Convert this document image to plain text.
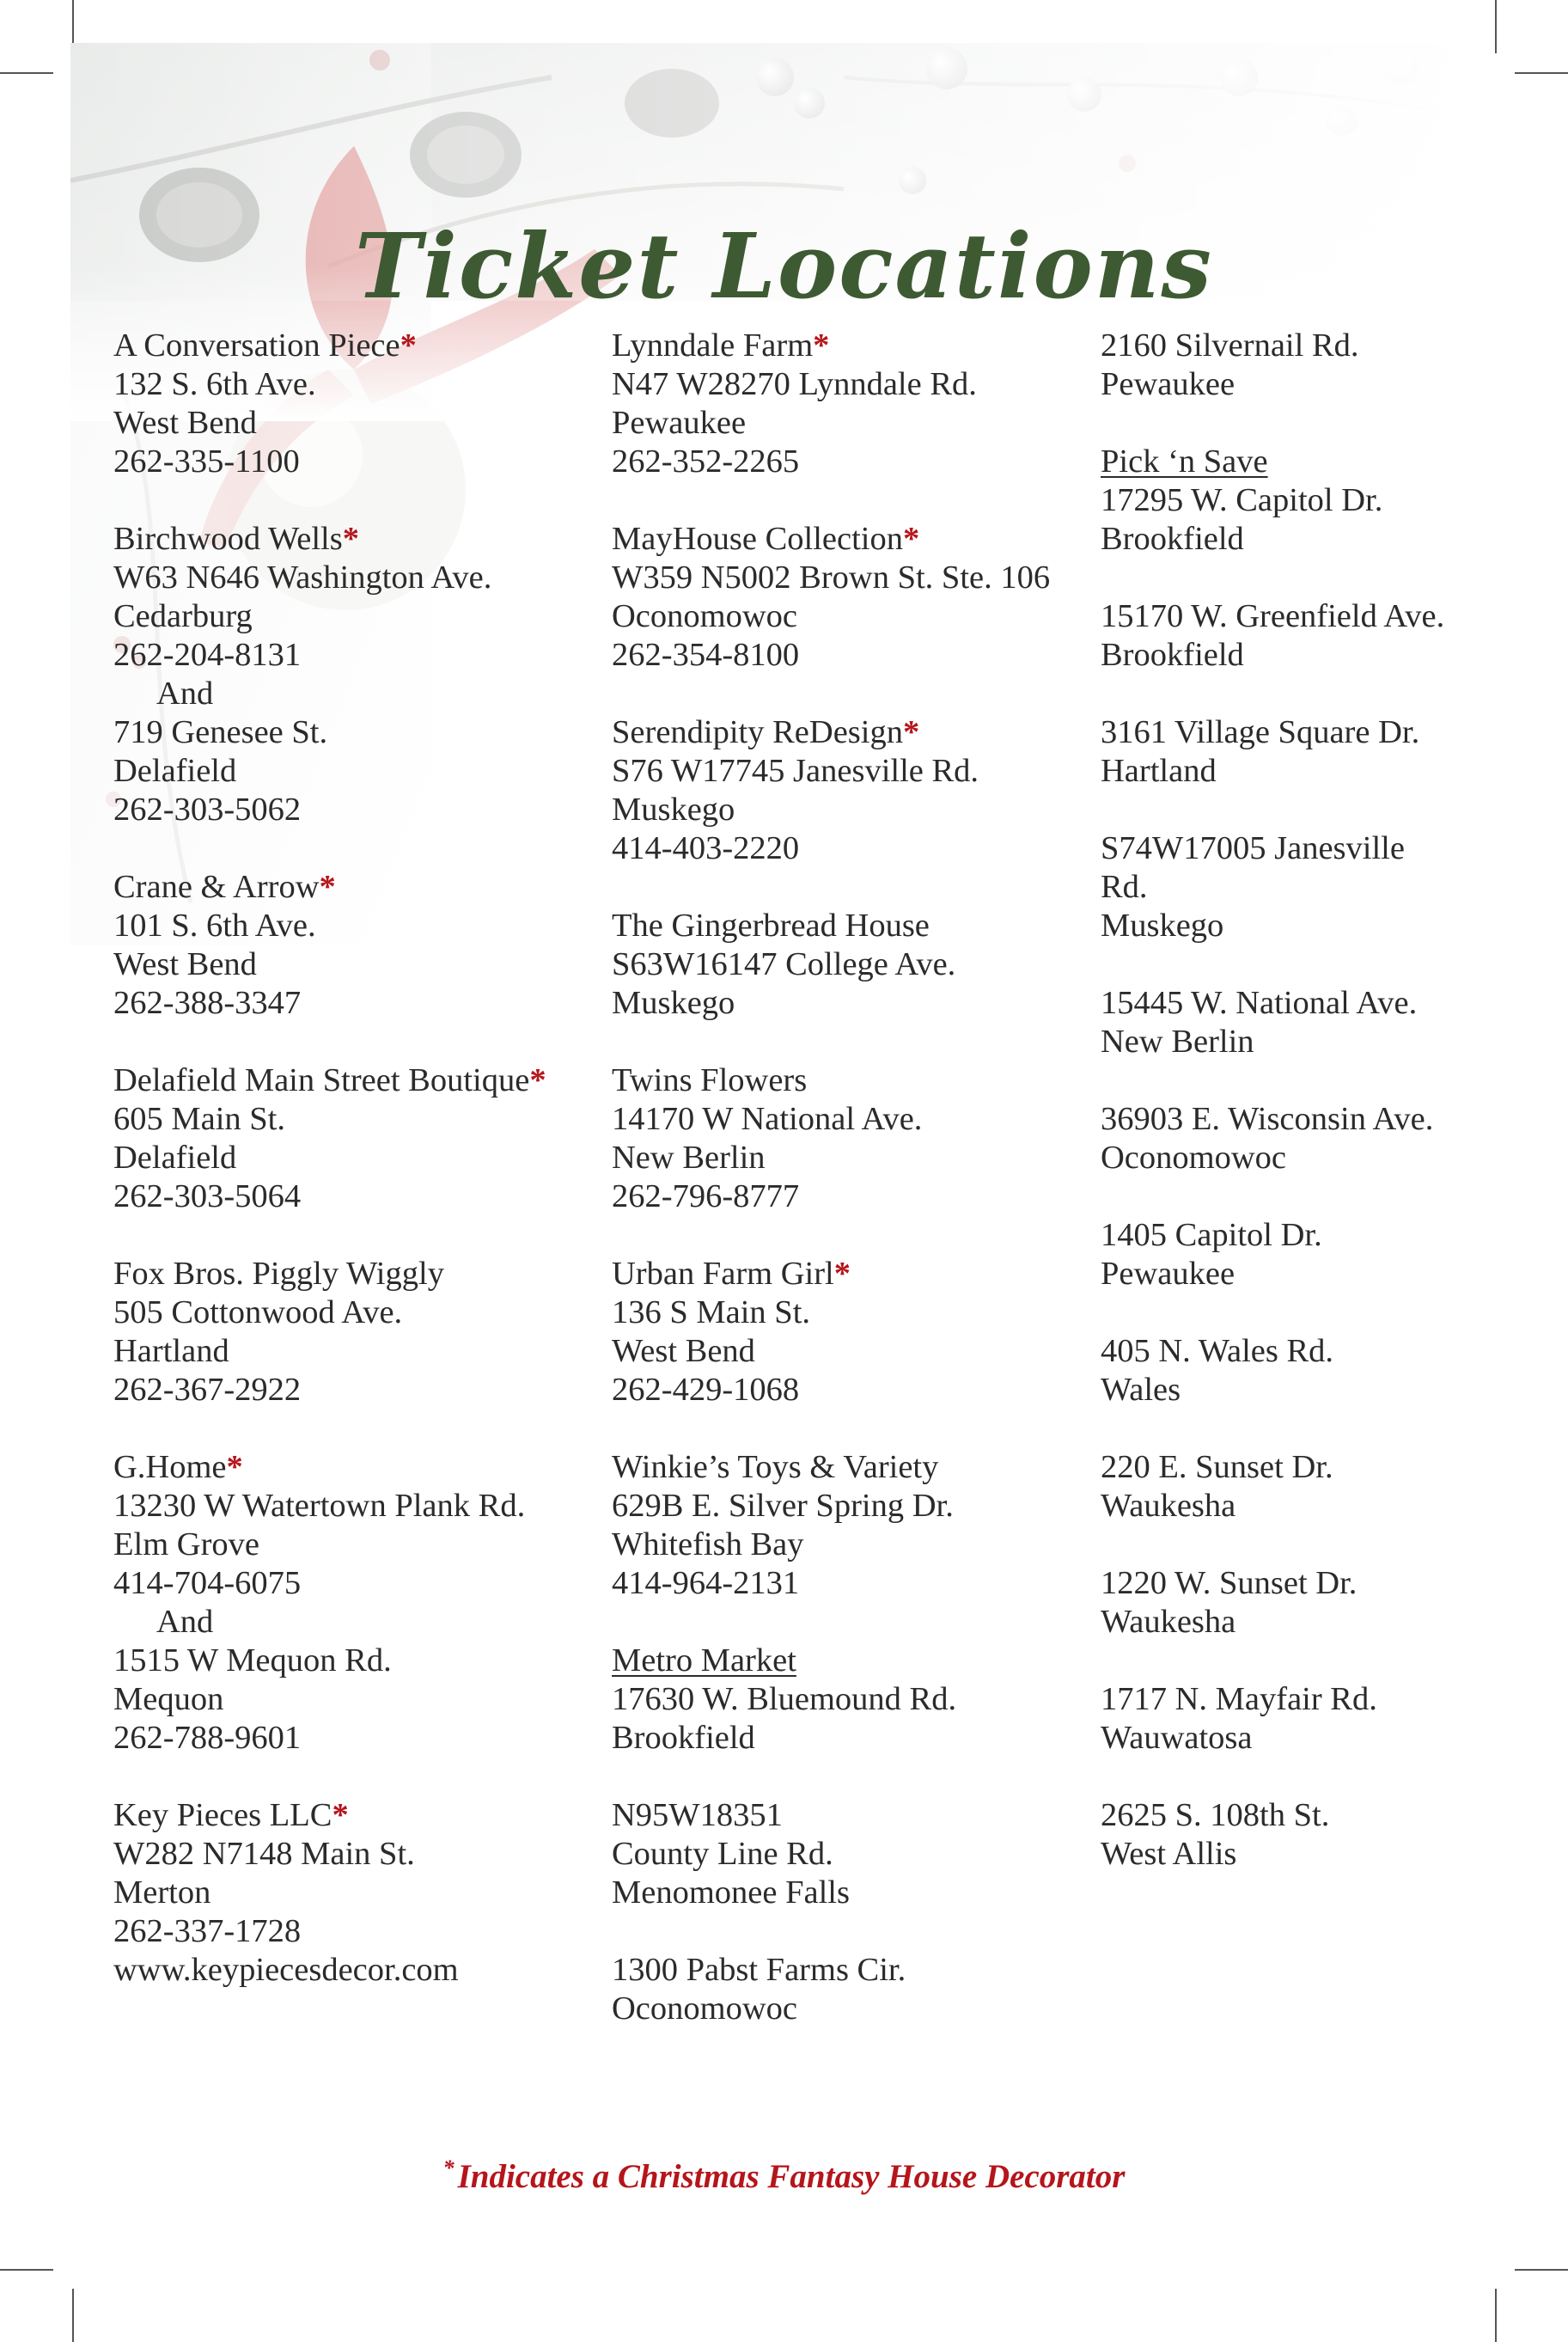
Ticket Locations
A Conversation Piece*
132 S. 6th Ave.
West Bend
262-335-1100
Birchwood Wells*
W63 N646 Washington Ave.
Cedarburg
262-204-8131
And
719 Genesee St.
Delafield
262-303-5062
Crane & Arrow*
101 S. 6th Ave.
West Bend
262-388-3347
Delafield Main Street Boutique*
605 Main St.
Delafield
262-303-5064
Fox Bros. Piggly Wiggly
505 Cottonwood Ave.
Hartland
262-367-2922
G.Home*
13230 W Watertown Plank Rd.
Elm Grove
414-704-6075
And
1515 W Mequon Rd.
Mequon
262-788-9601
Key Pieces LLC*
W282 N7148 Main St.
Merton
262-337-1728
www.keypiecesdecor.com
Lynndale Farm*
N47 W28270 Lynndale Rd.
Pewaukee
262-352-2265
MayHouse Collection*
W359 N5002 Brown St. Ste. 106
Oconomowoc
262-354-8100
Serendipity ReDesign*
S76 W17745 Janesville Rd.
Muskego
414-403-2220
The Gingerbread House
S63W16147 College Ave.
Muskego
Twins Flowers
14170 W National Ave.
New Berlin
262-796-8777
Urban Farm Girl*
136 S Main St.
West Bend
262-429-1068
Winkie’s Toys & Variety
629B E. Silver Spring Dr.
Whitefish Bay
414-964-2131
Metro Market
17630 W. Bluemound Rd.
Brookfield
N95W18351
County Line Rd.
Menomonee Falls
1300 Pabst Farms Cir.
Oconomowoc
2160 Silvernail Rd.
Pewaukee
Pick ‘n Save
17295 W. Capitol Dr.
Brookfield
15170 W. Greenfield Ave.
Brookfield
3161 Village Square Dr.
Hartland
S74W17005 Janesville
Rd.
Muskego
15445 W. National Ave.
New Berlin
36903 E. Wisconsin Ave.
Oconomowoc
1405 Capitol Dr.
Pewaukee
405 N. Wales Rd.
Wales
220 E. Sunset Dr.
Waukesha
1220 W. Sunset Dr.
Waukesha
1717 N. Mayfair Rd.
Wauwatosa
2625 S. 108th St.
West Allis
* Indicates a Christmas Fantasy House Decorator
